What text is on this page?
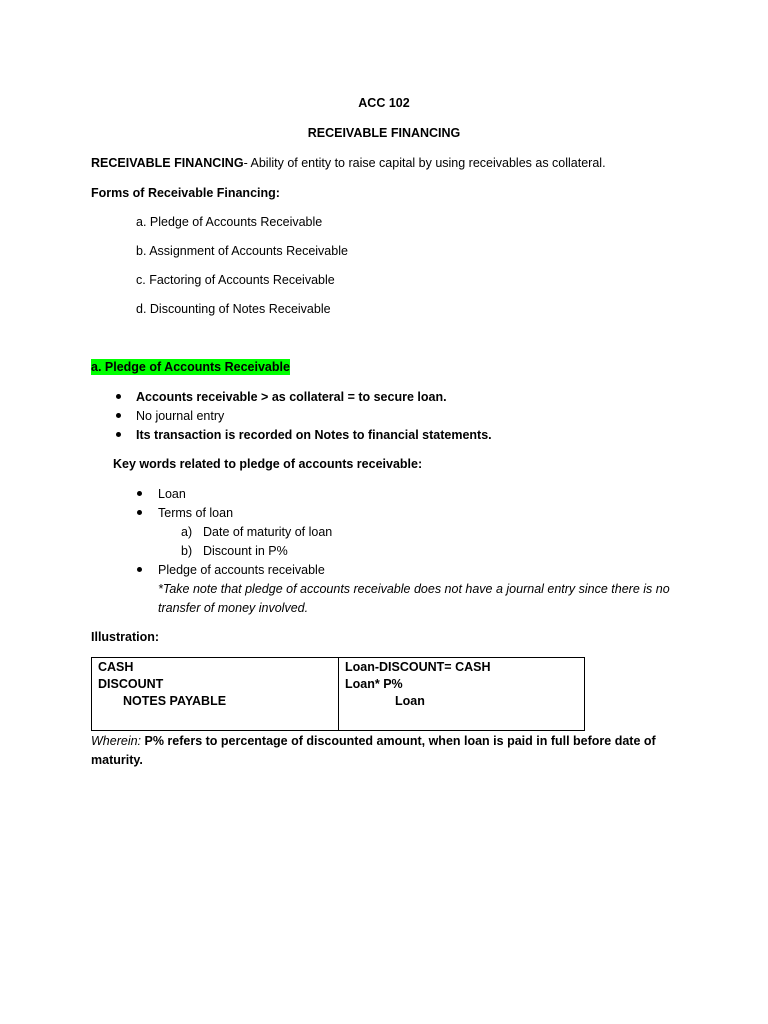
ACC 102
RECEIVABLE FINANCING
RECEIVABLE FINANCING- Ability of entity to raise capital by using receivables as collateral.
Forms of Receivable Financing:
a. Pledge of Accounts Receivable
b. Assignment of Accounts Receivable
c. Factoring of Accounts Receivable
d. Discounting of Notes Receivable
a. Pledge of Accounts Receivable
Accounts receivable > as collateral = to secure loan.
No journal entry
Its transaction is recorded on Notes to financial statements.
Key words related to pledge of accounts receivable:
Loan
Terms of loan
a) Date of maturity of loan
b) Discount in P%
Pledge of accounts receivable
*Take note that pledge of accounts receivable does not have a journal entry since there is no
transfer of money involved.
Illustration:
CASH
DISCOUNT
NOTES PAYABLE
Loan-DISCOUNT= CASH
Loan* P%
Loan
Wherein: P% refers to percentage of discounted amount, when loan is paid in full before date of
maturity.
